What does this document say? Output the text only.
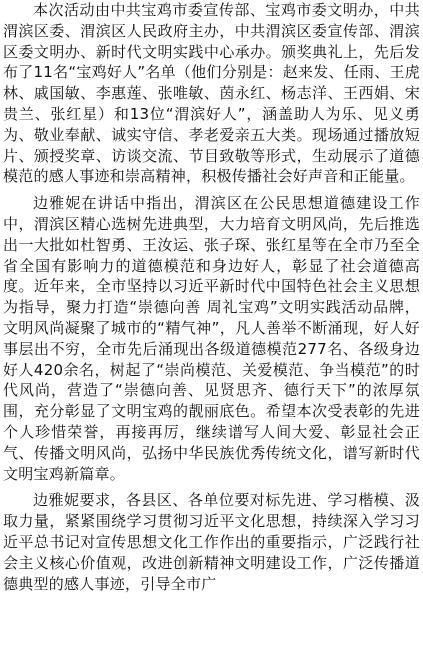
本次活动由中共宝鸡市委宣传部、宝鸡市委文明办，中共渭滨区委、渭滨区人民政府主办，中共渭滨区委宣传部、渭滨区委文明办、新时代文明实践中心承办。颁奖典礼上，先后发布了11名“宝鸡好人”名单（他们分别是：赵来发、任雨、王虎林、戚国敏、李惠莲、张唯敏、茵永红、杨志洋、王西娟、宋贵兰、张红星）和13位“渭滨好人”，涵盖助人为乐、见义勇为、敬业奉献、诚实守信、孝老爱亲五大类。现场通过播放短片、颁授奖章、访谈交流、节目致敬等形式，生动展示了道德模范的感人事迹和崇高精神，积极传播社会好声音和正能量。

边雅妮在讲话中指出，渭滨区在公民思想道德建设工作中，渭滨区精心选树先进典型，大力培育文明风尚，先后推选出一大批如杜智勇、王汝运、张子琛、张红星等在全市乃至全省全国有影响力的道德模范和身边好人，彰显了社会道德高度。近年来，全市坚持以习近平新时代中国特色社会主义思想为指导，聚力打造“崇德向善 周礼宝鸡”文明实践活动品牌，文明风尚凝聚了城市的“精气神”，凡人善举不断涌现，好人好事层出不穷，全市先后涌现出各级道德模范277名、各级身边好人420余名，树起了“崇尚模范、关爱模范、争当模范”的时代风尚，营造了“崇德向善、见贤思齐、德行天下”的浓厚氛围，充分彰显了文明宝鸡的靓丽底色。希望本次受表彰的先进个人珍惜荣誉，再接再厉，继续谱写人间大爱、彰显社会正气、传播文明风尚，弘扬中华民族优秀传统文化，谱写新时代文明宝鸡新篇章。

边雅妮要求，各县区、各单位要对标先进、学习楷模、汲取力量，紧紧围绕学习贯彻习近平文化思想，持续深入学习习近平总书记对宣传思想文化工作作出的重要指示，广泛践行社会主义核心价值观，改进创新精神文明建设工作，广泛传播道德典型的感人事迹，引导全市广
